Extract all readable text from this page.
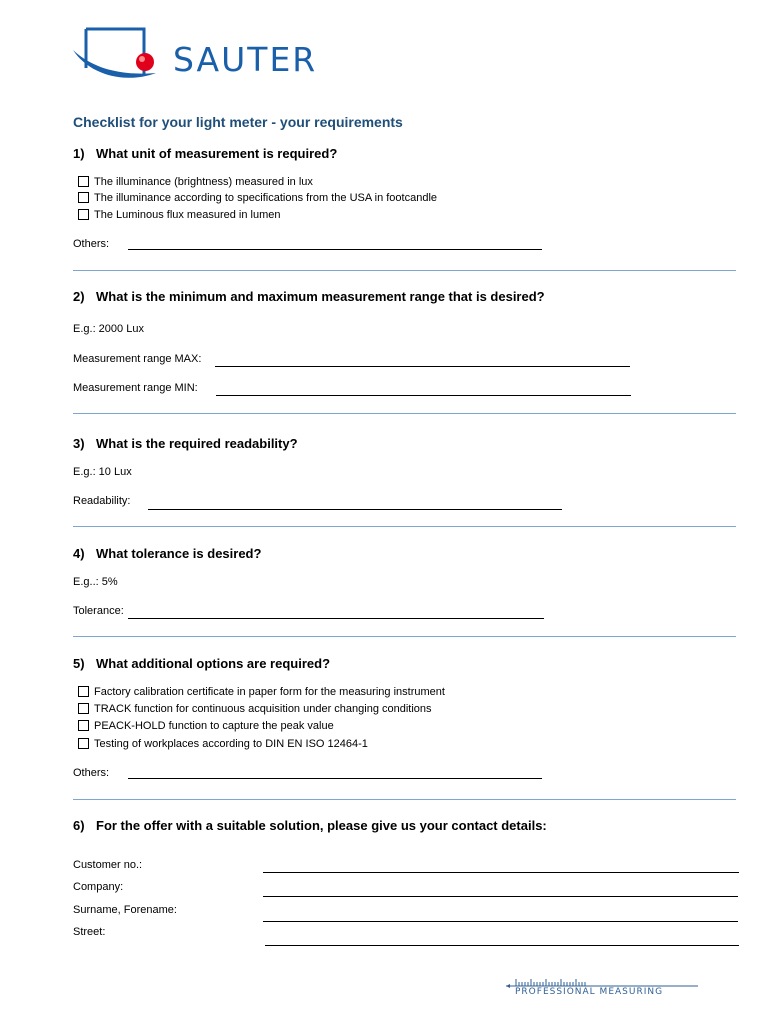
SAUTER
Checklist for your light meter - your requirements
1) What unit of measurement is required?
The illuminance (brightness) measured in lux
The illuminance according to specifications from the USA in footcandle
The Luminous flux measured in lumen
Others:
2) What is the minimum and maximum measurement range that is desired?
E.g.: 2000 Lux
Measurement range MAX:
Measurement range MIN:
3) What is the required readability?
E.g.: 10 Lux
Readability:
4) What tolerance is desired?
E.g..: 5%
Tolerance:
5) What additional options are required?
Factory calibration certificate in paper form for the measuring instrument
TRACK function for continuous acquisition under changing conditions
PEACK-HOLD function to capture the peak value
Testing of workplaces according to DIN EN ISO 12464-1
Others:
6) For the offer with a suitable solution, please give us your contact details:
Customer no.:
Company:
Surname, Forename:
Street:
PROFESSIONAL MEASURING
